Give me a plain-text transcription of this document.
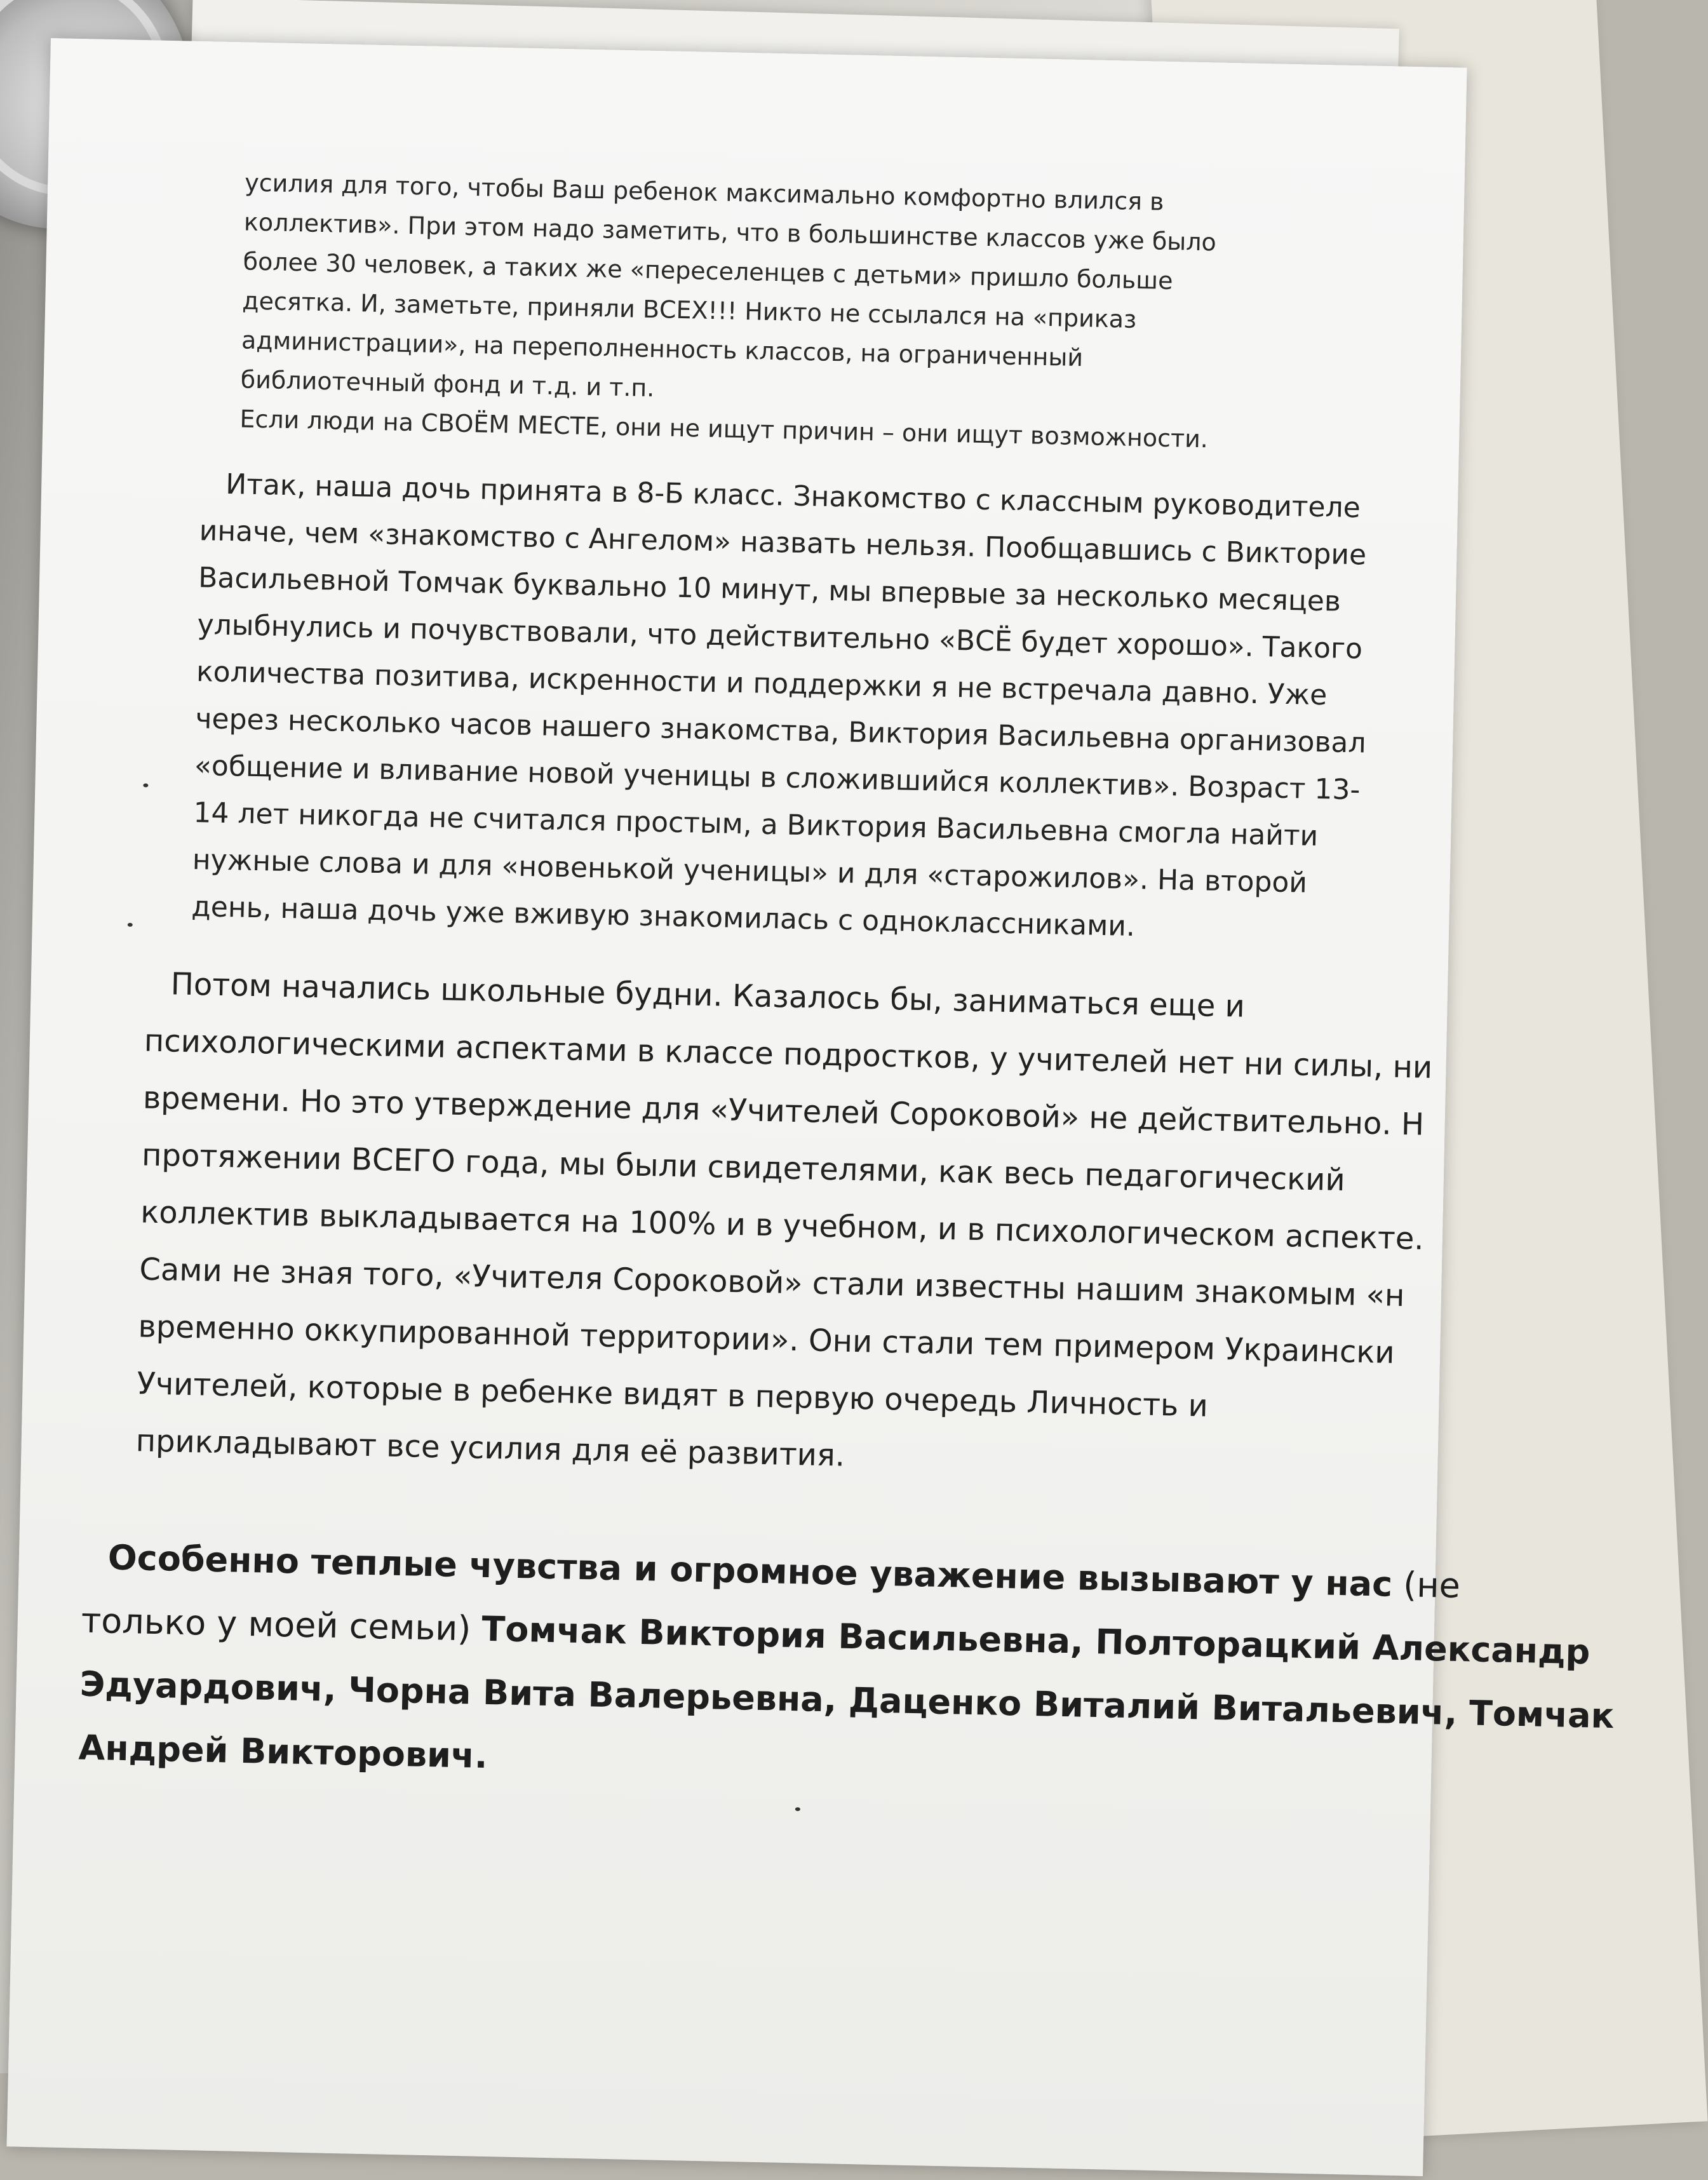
усилия для того, чтобы Ваш ребенок максимально комфортно влился в
коллектив». При этом надо заметить, что в большинстве классов уже было
более 30 человек, а таких же «переселенцев с детьми» пришло больше
десятка. И, заметьте, приняли ВСЕХ!!! Никто не ссылался на «приказ
администрации», на переполненность классов, на ограниченный
библиотечный фонд и т.д. и т.п.
Если люди на СВОЁМ МЕСТЕ, они не ищут причин – они ищут возможности.
Итак, наша дочь принята в 8-Б класс. Знакомство с классным руководителе
иначе, чем «знакомство с Ангелом» назвать нельзя. Пообщавшись с Викторие
Васильевной Томчак буквально 10 минут, мы впервые за несколько месяцев
улыбнулись и почувствовали, что действительно «ВСЁ будет хорошо». Такого
количества позитива, искренности и поддержки я не встречала давно. Уже
через несколько часов нашего знакомства, Виктория Васильевна организовал
«общение и вливание новой ученицы в сложившийся коллектив». Возраст 13-
14 лет никогда не считался простым, а Виктория Васильевна смогла найти
нужные слова и для «новенькой ученицы» и для «старожилов». На второй
день, наша дочь уже вживую знакомилась с одноклассниками.
Потом начались школьные будни. Казалось бы, заниматься еще и
психологическими аспектами в классе подростков, у учителей нет ни силы, ни
времени. Но это утверждение для «Учителей Сороковой» не действительно. Н
протяжении ВСЕГО года, мы были свидетелями, как весь педагогический
коллектив выкладывается на 100% и в учебном, и в психологическом аспекте.
Сами не зная того, «Учителя Сороковой» стали известны нашим знакомым «н
временно оккупированной территории». Они стали тем примером Украински
Учителей, которые в ребенке видят в первую очередь Личность и
прикладывают все усилия для её развития.
Особенно теплые чувства и огромное уважение вызывают у нас (не
только у моей семьи) Томчак Виктория Васильевна, Полторацкий Александр
Эдуардович, Чорна Вита Валерьевна, Даценко Виталий Витальевич, Томчак
Андрей Викторович.
